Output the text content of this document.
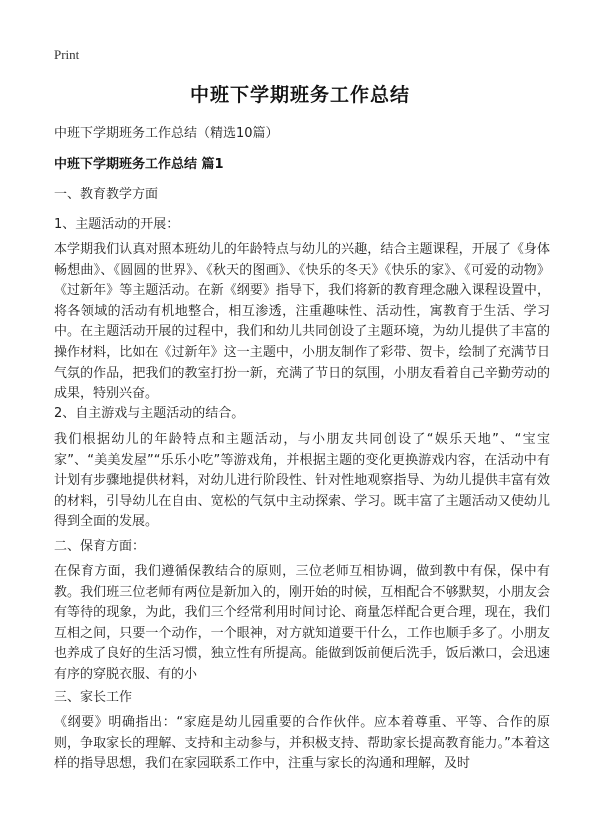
Print
中班下学期班务工作总结
中班下学期班务工作总结（精选10篇）
中班下学期班务工作总结 篇1
一、教育教学方面
1、主题活动的开展：

本学期我们认真对照本班幼儿的年龄特点与幼儿的兴趣，结合主题课程，开展了《身体畅想曲》、《圆圆的世界》、《秋天的图画》、《快乐的冬天》《快乐的家》、《可爱的动物》《过新年》等主题活动。在新《纲要》指导下，我们将新的教育理念融入课程设置中，将各领域的活动有机地整合，相互渗透，注重趣味性、活动性，寓教育于生活、学习中。在主题活动开展的过程中，我们和幼儿共同创设了主题环境，为幼儿提供了丰富的操作材料，比如在《过新年》这一主题中，小朋友制作了彩带、贺卡，绘制了充满节日气氛的作品，把我们的教室打扮一新，充满了节日的氛围，小朋友看着自己辛勤劳动的成果，特别兴奋。

2、自主游戏与主题活动的结合。

我们根据幼儿的年龄特点和主题活动，与小朋友共同创设了“娱乐天地”、“宝宝家”、“美美发屋”“乐乐小吃”等游戏角，并根据主题的变化更换游戏内容，在活动中有计划有步骤地提供材料，对幼儿进行阶段性、针对性地观察指导、为幼儿提供丰富有效的材料，引导幼儿在自由、宽松的气氛中主动探索、学习。既丰富了主题活动又使幼儿得到全面的发展。

二、保育方面：

在保育方面，我们遵循保教结合的原则，三位老师互相协调，做到教中有保，保中有教。我们班三位老师有两位是新加入的，刚开始的时候，互相配合不够默契，小朋友会有等待的现象，为此，我们三个经常利用时间讨论、商量怎样配合更合理，现在，我们互相之间，只要一个动作，一个眼神，对方就知道要干什么，工作也顺手多了。小朋友也养成了良好的生活习惯，独立性有所提高。能做到饭前便后洗手，饭后漱口，会迅速有序的穿脱衣服、有的小

三、家长工作

《纲要》明确指出：“家庭是幼儿园重要的合作伙伴。应本着尊重、平等、合作的原则，争取家长的理解、支持和主动参与，并积极支持、帮助家长提高教育能力。”本着这样的指导思想，我们在家园联系工作中，注重与家长的沟通和理解，及时
